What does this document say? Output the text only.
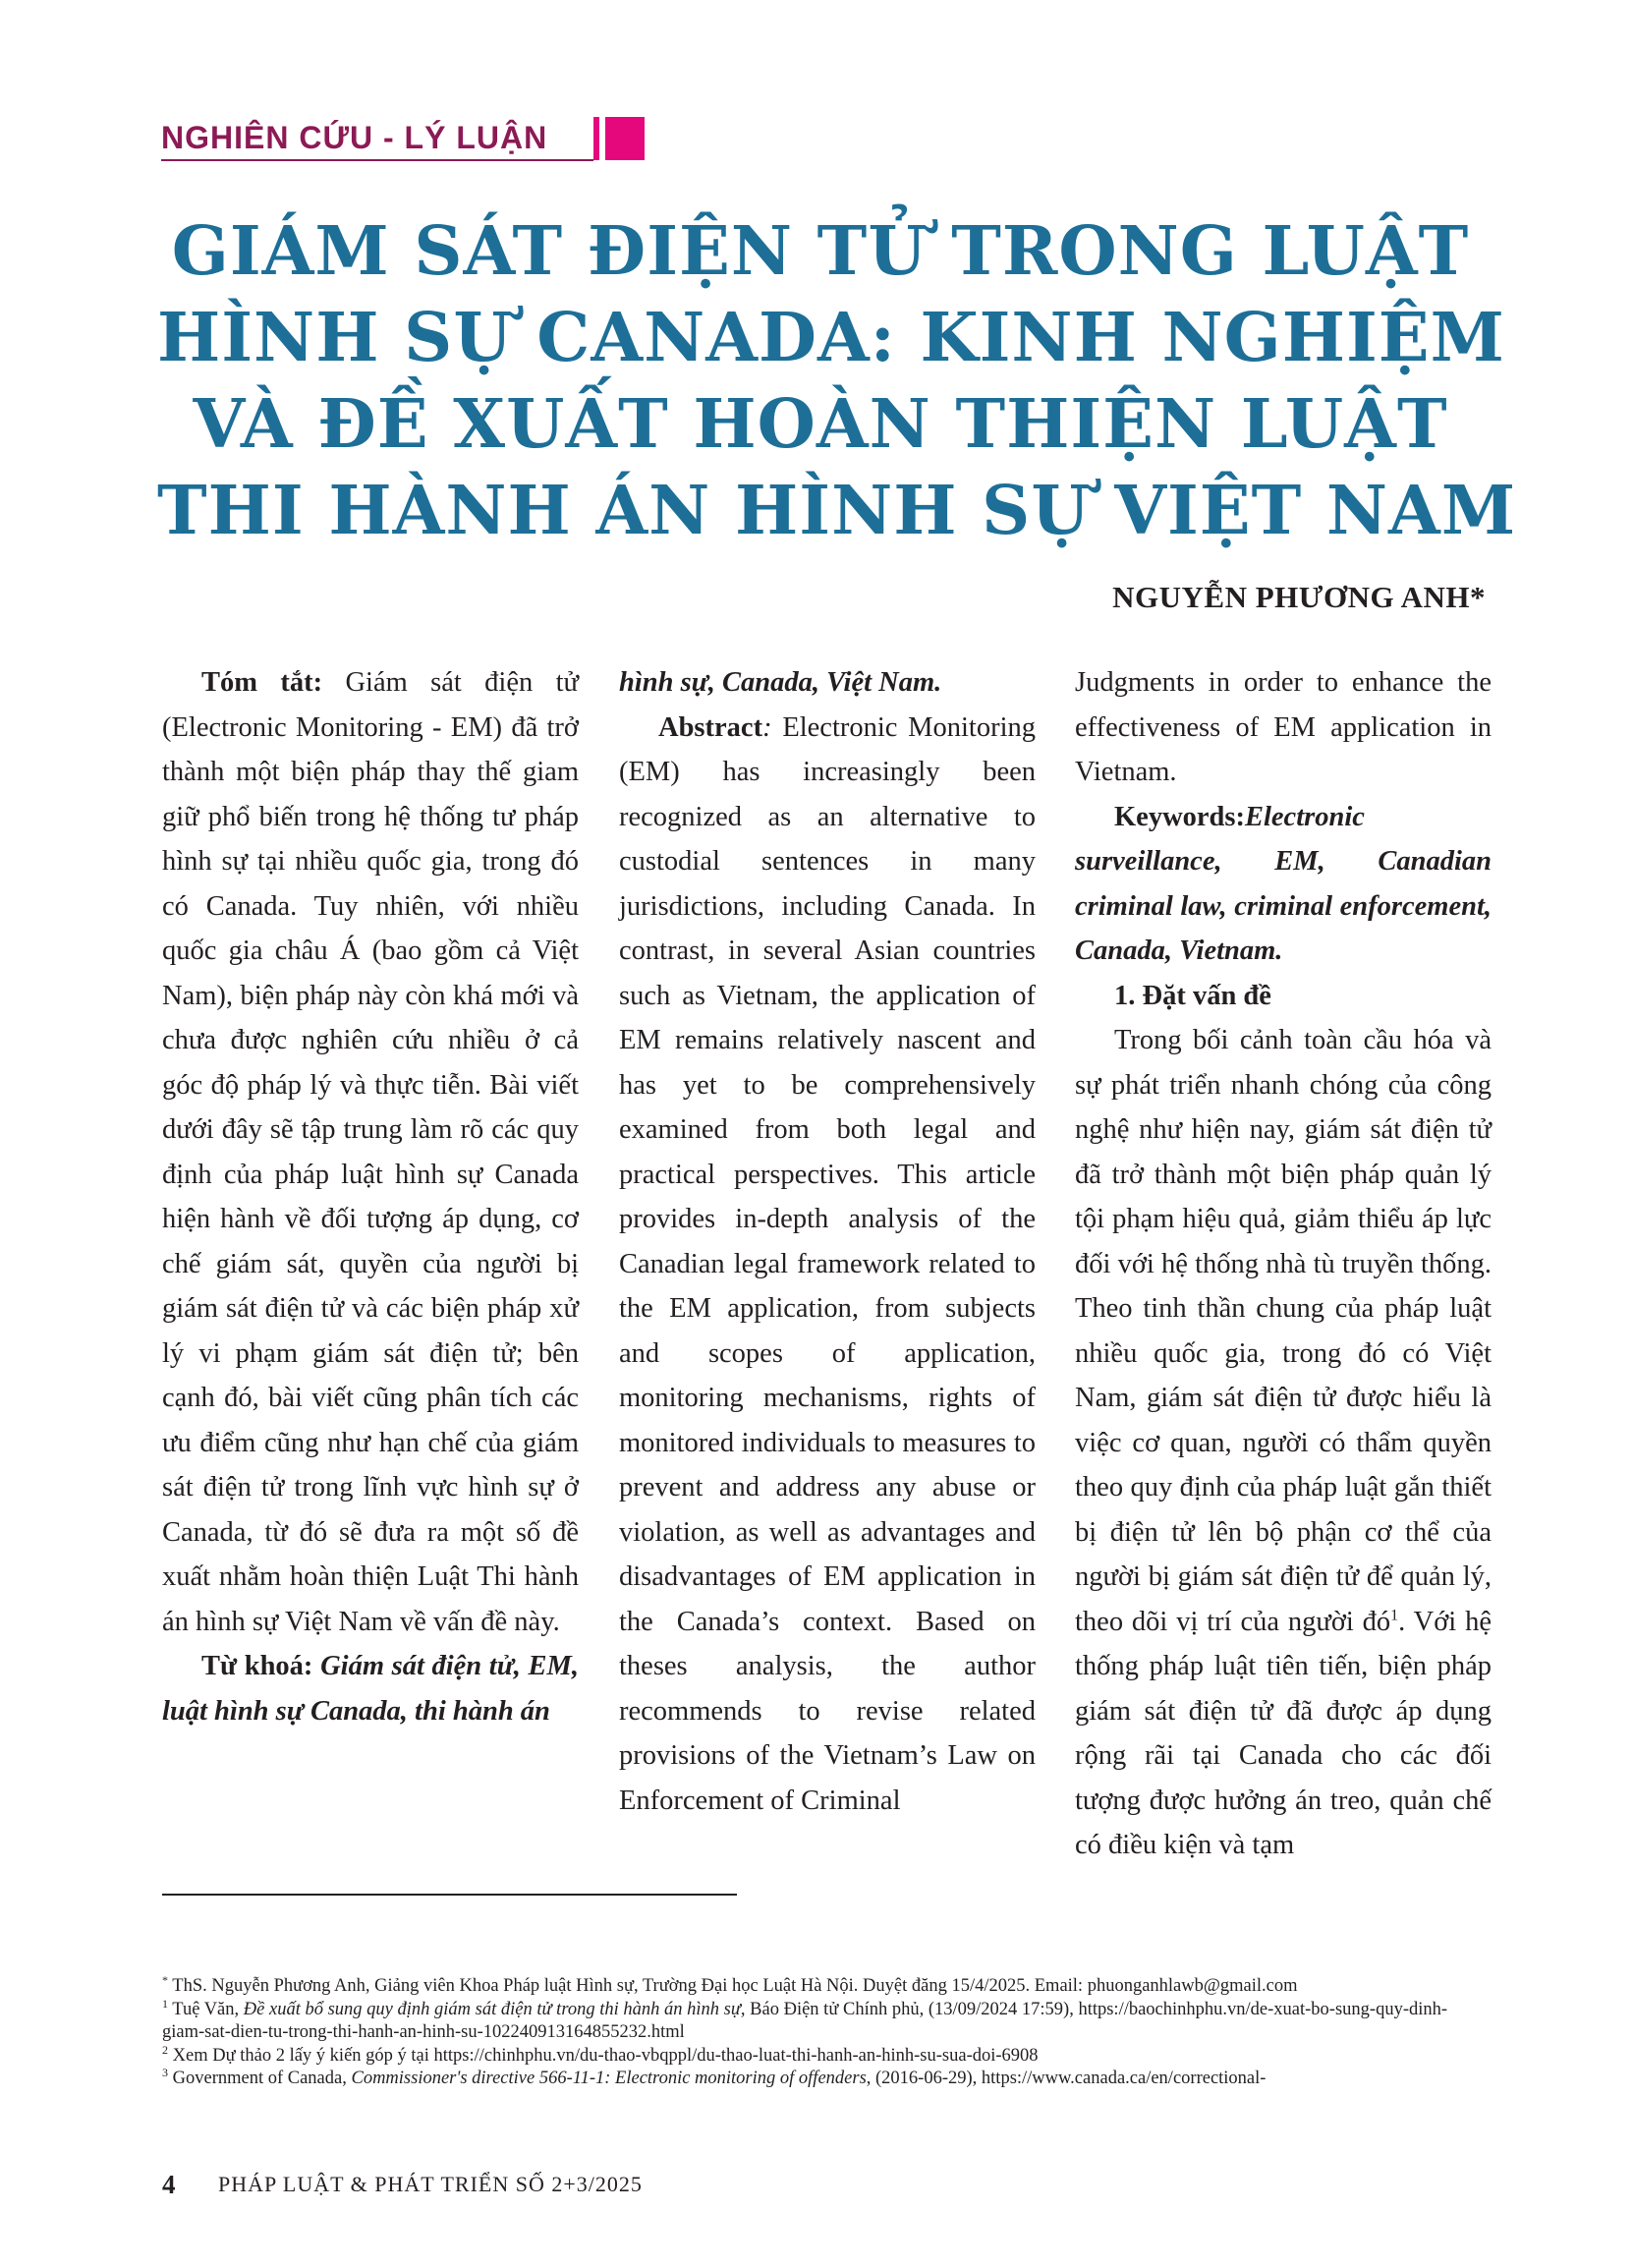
NGHIÊN CỨU - LÝ LUẬN
GIÁM SÁT ĐIỆN TỬ TRONG LUẬT
HÌNH SỰ CANADA: KINH NGHIỆM
VÀ ĐỀ XUẤT HOÀN THIỆN LUẬT
THI HÀNH ÁN HÌNH SỰ VIỆT NAM
NGUYỄN PHƯƠNG ANH*

Tóm tắt: Giám sát điện tử (Electronic Monitoring - EM) đã trở thành một biện pháp thay thế giam giữ phổ biến trong hệ thống tư pháp hình sự tại nhiều quốc gia, trong đó có Canada. Tuy nhiên, với nhiều quốc gia châu Á (bao gồm cả Việt Nam), biện pháp này còn khá mới và chưa được nghiên cứu nhiều ở cả góc độ pháp lý và thực tiễn. Bài viết dưới đây sẽ tập trung làm rõ các quy định của pháp luật hình sự Canada hiện hành về đối tượng áp dụng, cơ chế giám sát, quyền của người bị giám sát điện tử và các biện pháp xử lý vi phạm giám sát điện tử; bên cạnh đó, bài viết cũng phân tích các ưu điểm cũng như hạn chế của giám sát điện tử trong lĩnh vực hình sự ở Canada, từ đó sẽ đưa ra một số đề xuất nhằm hoàn thiện Luật Thi hành án hình sự Việt Nam về vấn đề này.

Từ khoá: Giám sát điện tử, EM, luật hình sự Canada, thi hành án

hình sự, Canada, Việt Nam.

Abstract: Electronic Monitoring (EM) has increasingly been recognized as an alternative to custodial sentences in many jurisdictions, including Canada. In contrast, in several Asian countries such as Vietnam, the application of EM remains relatively nascent and has yet to be comprehensively examined from both legal and practical perspectives. This article provides in-depth analysis of the Canadian legal framework related to the EM application, from subjects and scopes of application, monitoring mechanisms, rights of monitored individuals to measures to prevent and address any abuse or violation, as well as advantages and disadvantages of EM application in the Canada’s context. Based on theses analysis, the author recommends to revise related provisions of the Vietnam’s Law on Enforcement of Criminal

Judgments in order to enhance the effectiveness of EM application in Vietnam.

Keywords:Electronic surveillance, EM, Canadian criminal law, criminal enforcement, Canada, Vietnam.

1. Đặt vấn đề

Trong bối cảnh toàn cầu hóa và sự phát triển nhanh chóng của công nghệ như hiện nay, giám sát điện tử đã trở thành một biện pháp quản lý tội phạm hiệu quả, giảm thiểu áp lực đối với hệ thống nhà tù truyền thống. Theo tinh thần chung của pháp luật nhiều quốc gia, trong đó có Việt Nam, giám sát điện tử được hiểu là việc cơ quan, người có thẩm quyền theo quy định của pháp luật gắn thiết bị điện tử lên bộ phận cơ thể của người bị giám sát điện tử để quản lý, theo dõi vị trí của người $đó^1$. Với hệ thống pháp luật tiên tiến, biện pháp giám sát điện tử đã được áp dụng rộng rãi tại Canada cho các đối tượng được hưởng án treo, quản chế có điều kiện và tạm

* ThS. Nguyễn Phương Anh, Giảng viên Khoa Pháp luật Hình sự, Trường Đại học Luật Hà Nội. Duyệt đăng 15/4/2025. Email: phuonganhlawb@gmail.com

$^1$ Tuệ Văn, Đề xuất bổ sung quy định giám sát điện tử trong thi hành án hình sự, Báo Điện tử Chính phủ, (13/09/2024 17:59), https://baochinhphu.vn/de-xuat-bo-sung-quy-dinh-giam-sat-dien-tu-trong-thi-hanh-an-hinh-su-102240913164855232.html

$^2$ Xem Dự thảo 2 lấy ý kiến góp ý tại https://chinhphu.vn/du-thao-vbqppl/du-thao-luat-thi-hanh-an-hinh-su-sua-doi-6908

$^3$ Government of Canada, Commissioner's directive 566-11-1: Electronic monitoring of offenders, (2016-06-29), https://www.canada.ca/en/correctional-

4 PHÁP LUẬT & PHÁT TRIỂN SỐ 2+3/2025
